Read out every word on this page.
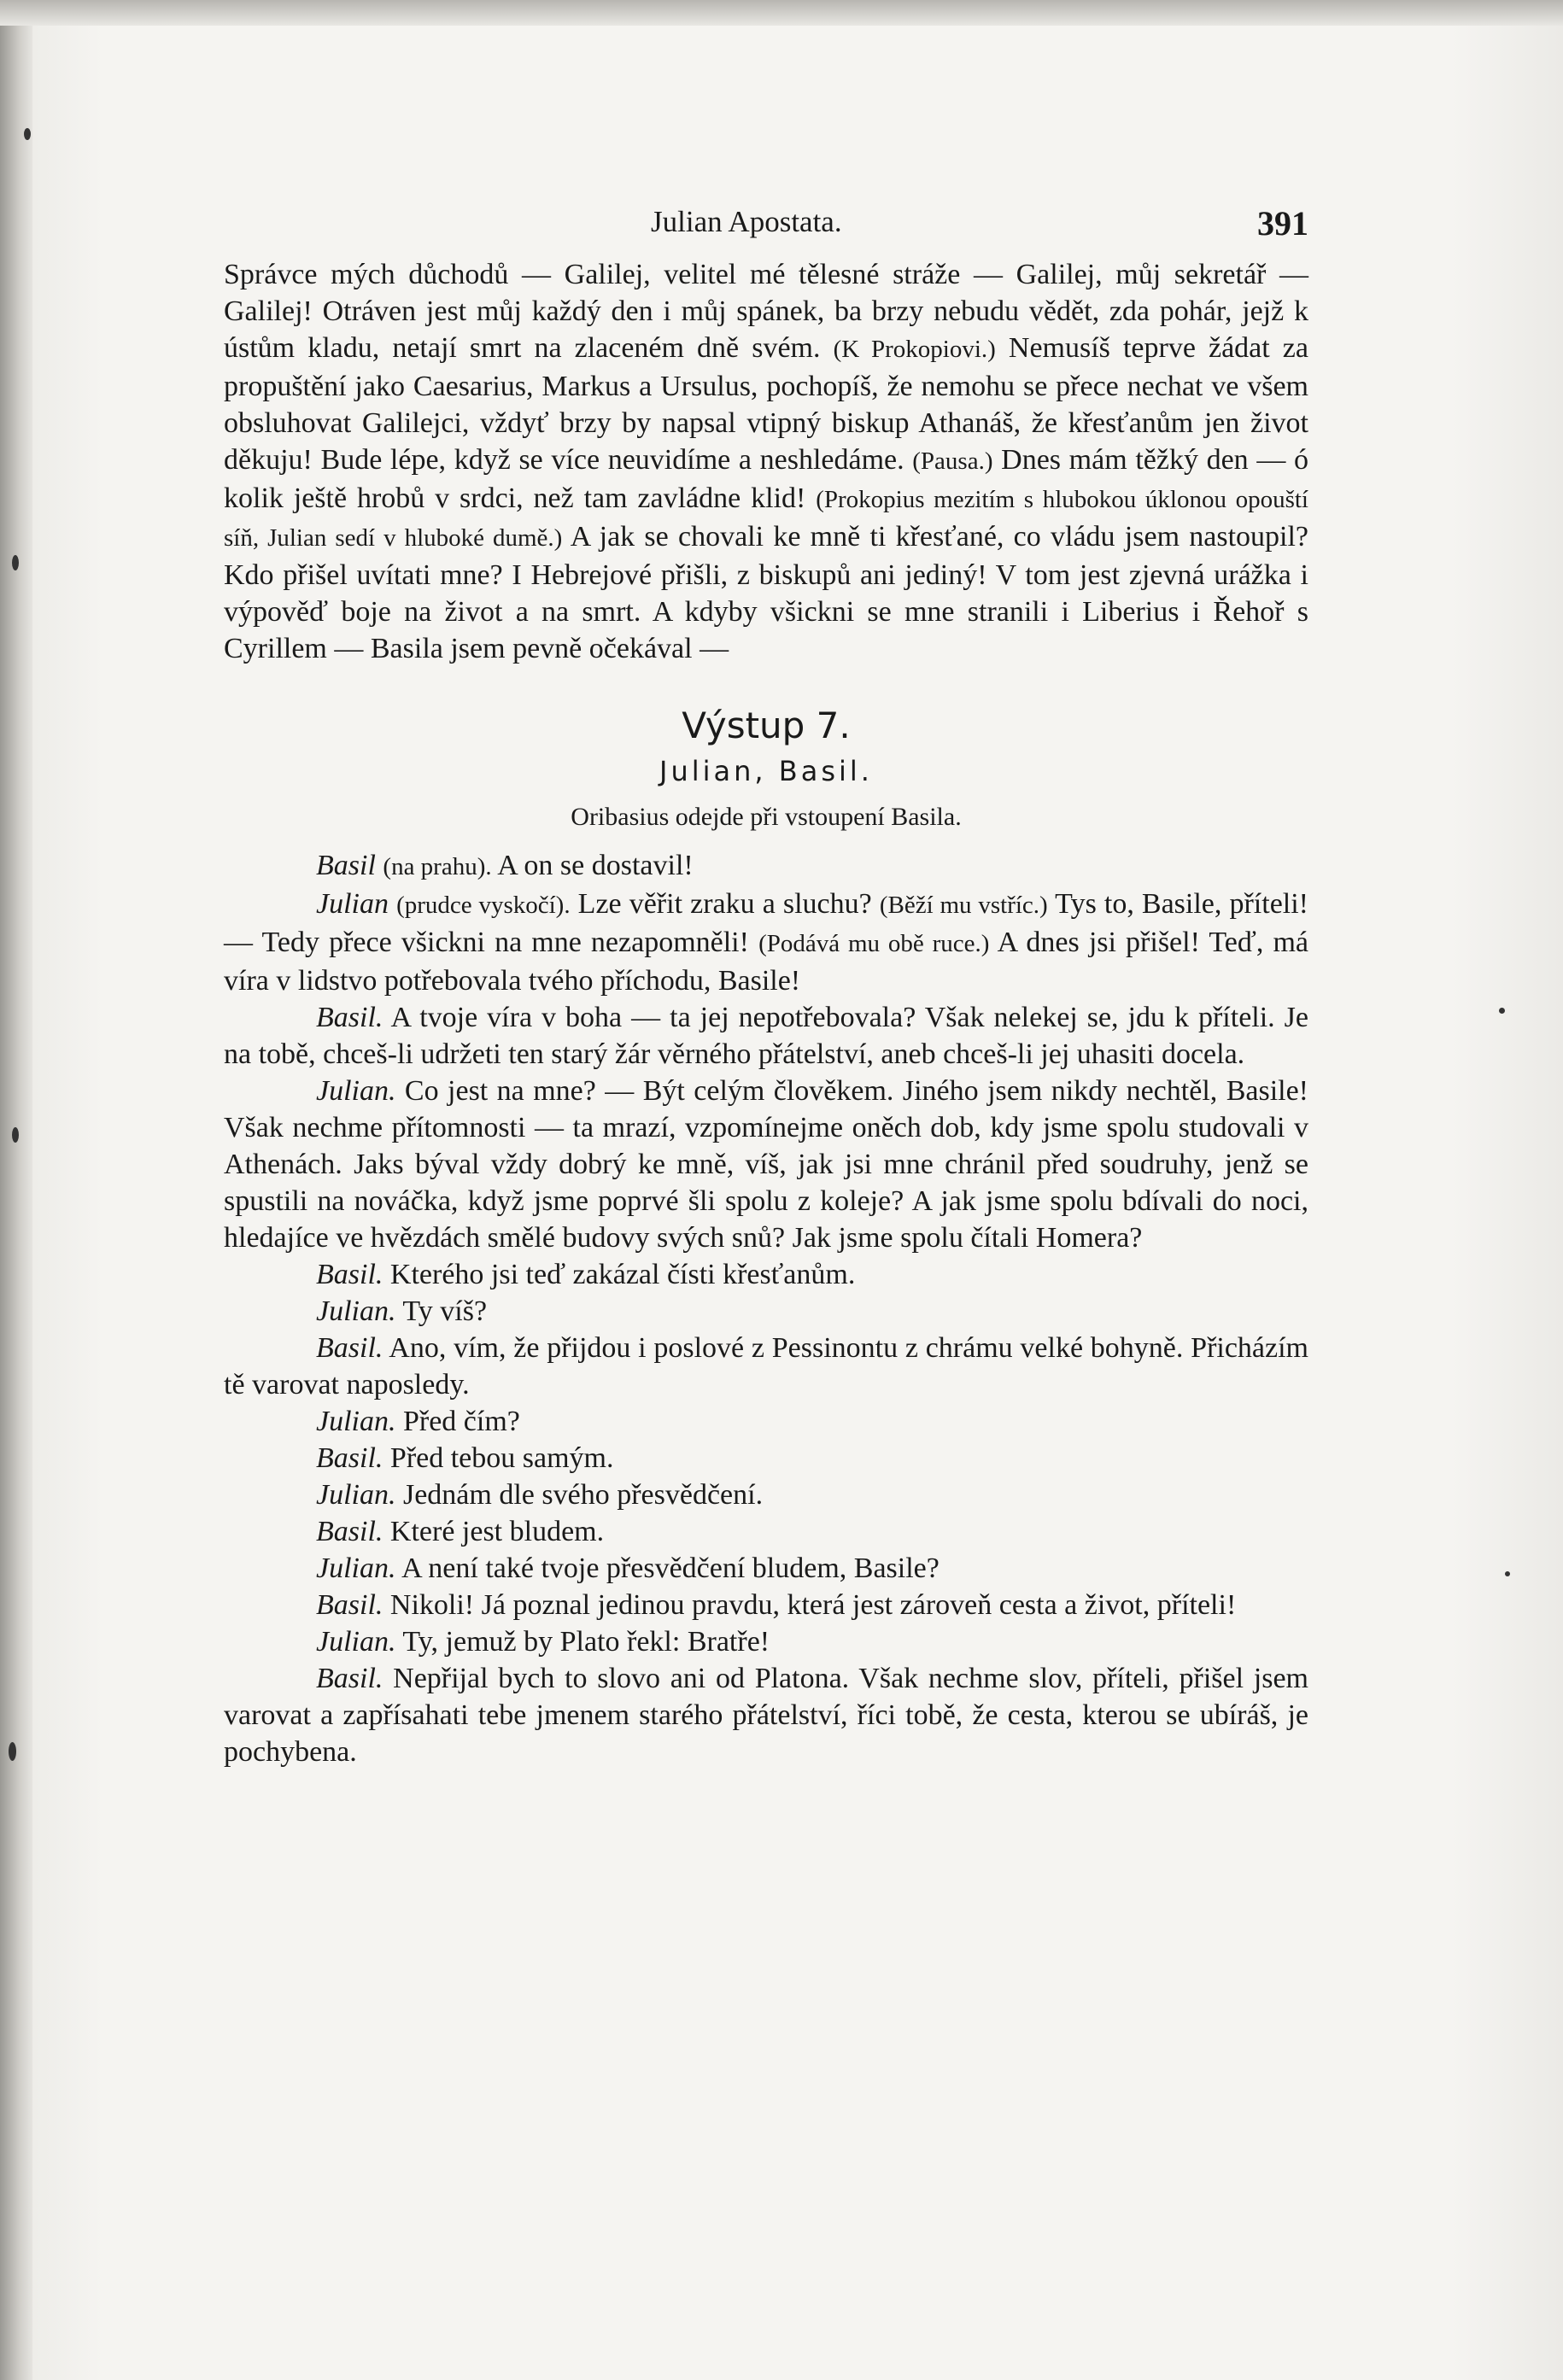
Julian Apostata.	391

Správce mých důchodů — Galilej, velitel mé tělesné stráže — Galilej, můj sekretář — Galilej! Otráven jest můj každý den i můj spánek, ba brzy nebudu vědět, zda pohár, jejž k ústům kladu, netají smrt na zlaceném dně svém. (K Prokopiovi.) Nemusíš teprve žádat za propuštění jako Caesarius, Markus a Ursulus, pochopíš, že nemohu se přece nechat ve všem obsluhovat Galilejci, vždyť brzy by napsal vtipný biskup Athanáš, že křesťanům jen život děkuju! Bude lépe, když se více neuvidíme a neshledáme. (Pausa.) Dnes mám těžký den — ó kolik ještě hrobů v srdci, než tam zavládne klid! (Prokopius mezitím s hlubokou úklonou opouští síň, Julian sedí v hluboké dumě.) A jak se chovali ke mně ti křesťané, co vládu jsem nastoupil? Kdo přišel uvítati mne? I Hebrejové přišli, z biskupů ani jediný! V tom jest zjevná urážka i výpověď boje na život a na smrt. A kdyby všickni se mne stranili i Liberius i Řehoř s Cyrillem — Basila jsem pevně očekával —

Výstup 7.
Julian, Basil.
Oribasius odejde při vstoupení Basila.

Basil (na prahu). A on se dostavil!

Julian (prudce vyskočí). Lze věřit zraku a sluchu? (Běží mu vstříc.) Tys to, Basile, příteli! — Tedy přece všickni na mne nezapomněli! (Podává mu obě ruce.) A dnes jsi přišel! Teď, má víra v lidstvo potřebovala tvého příchodu, Basile!

Basil. A tvoje víra v boha — ta jej nepotřebovala? Však nelekej se, jdu k příteli. Je na tobě, chceš-li udržeti ten starý žár věrného přátelství, aneb chceš-li jej uhasiti docela.

Julian. Co jest na mne? — Být celým člověkem. Jiného jsem nikdy nechtěl, Basile! Však nechme přítomnosti — ta mrazí, vzpomínejme oněch dob, kdy jsme spolu studovali v Athenách. Jaks býval vždy dobrý ke mně, víš, jak jsi mne chránil před soudruhy, jenž se spustili na nováčka, když jsme poprvé šli spolu z koleje? A jak jsme spolu bdívali do noci, hledajíce ve hvězdách smělé budovy svých snů? Jak jsme spolu čítali Homera?

Basil. Kterého jsi teď zakázal čísti křesťanům.

Julian. Ty víš?

Basil. Ano, vím, že přijdou i poslové z Pessinontu z chrámu velké bohyně. Přicházím tě varovat naposledy.

Julian. Před čím?

Basil. Před tebou samým.

Julian. Jednám dle svého přesvědčení.

Basil. Které jest bludem.

Julian. A není také tvoje přesvědčení bludem, Basile?

Basil. Nikoli! Já poznal jedinou pravdu, která jest zároveň cesta a život, příteli!

Julian. Ty, jemuž by Plato řekl: Bratře!

Basil. Nepřijal bych to slovo ani od Platona. Však nechme slov, příteli, přišel jsem varovat a zapřísahati tebe jmenem starého přátelství, říci tobě, že cesta, kterou se ubíráš, je pochybena.
